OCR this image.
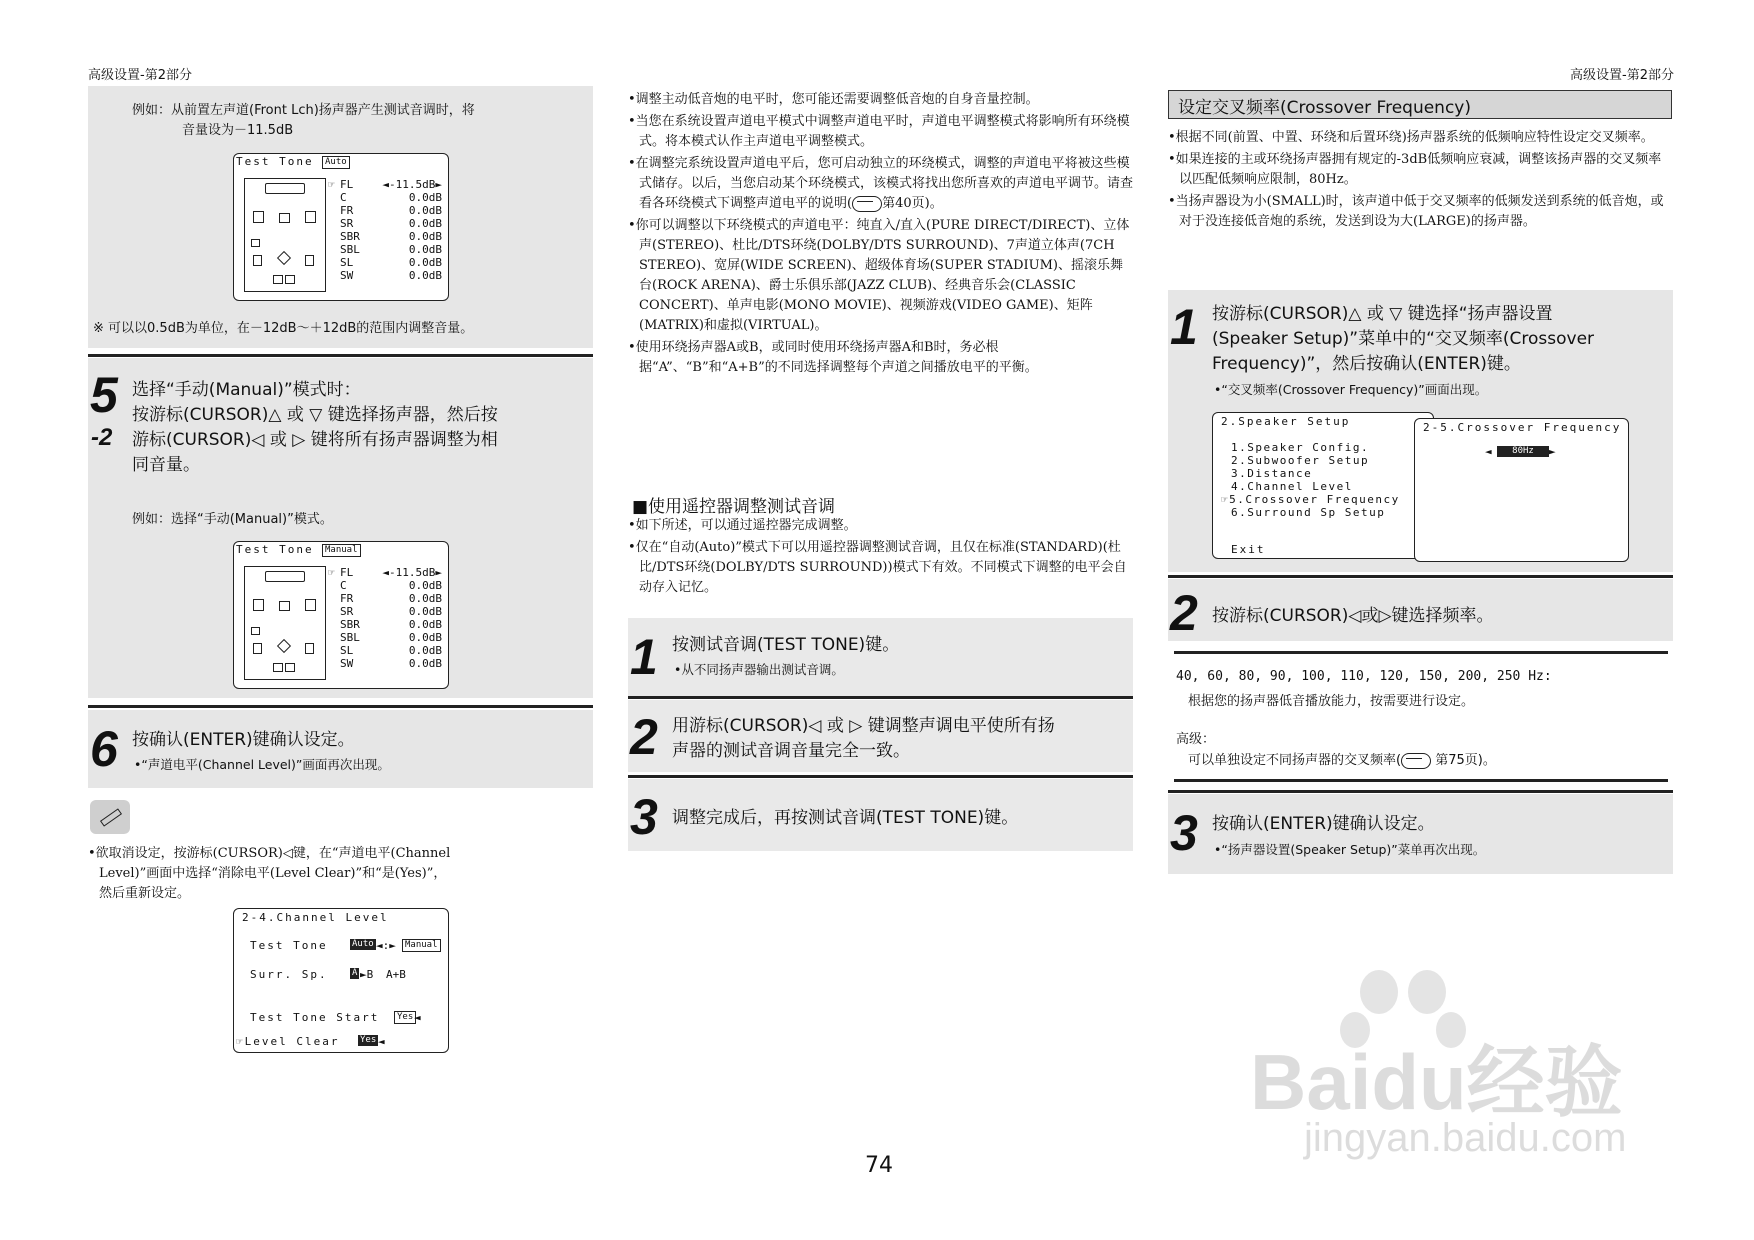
高级设置-第2部分	高级设置-第2部分
例如：从前置左声道(Front Lch)扬声器产生测试音调时，将
音量设为－11.5dB
Test Tone	Auto
☞ FL	◄-11.5dB►
C	0.0dB
FR	0.0dB
SR	0.0dB
SBR	0.0dB
SBL	0.0dB
SL	0.0dB
SW	0.0dB
※ 可以以0.5dB为单位，在－12dB～＋12dB的范围内调整音量。
5
-2
选择“手动(Manual)”模式时：
按游标(CURSOR)△ 或 ▽ 键选择扬声器，然后按
游标(CURSOR)◁ 或 ▷ 键将所有扬声器调整为相
同音量。
例如：选择“手动(Manual)”模式。
Test Tone	Manual
☞ FL	◄-11.5dB►
C	0.0dB
FR	0.0dB
SR	0.0dB
SBR	0.0dB
SBL	0.0dB
SL	0.0dB
SW	0.0dB
6 按确认(ENTER)键确认设定。
•“声道电平(Channel Level)”画面再次出现。
•欲取消设定，按游标(CURSOR)◁键，在“声道电平(Channel
Level)”画面中选择“消除电平(Level Clear)”和“是(Yes)”，
然后重新设定。
2-4.Channel Level
Test Tone	Auto ◄:►	Manual
Surr. Sp.	A ►B A+B
Test Tone Start	Yes ◄
☞Level Clear Yes ◄

•调整主动低音炮的电平时，您可能还需要调整低音炮的自身音量控制。

•当您在系统设置声道电平模式中调整声道电平时，声道电平调整模式将影响所有环绕模式。将本模式认作主声道电平调整模式。

•在调整完系统设置声道电平后，您可启动独立的环绕模式，调整的声道电平将被这些模式储存。以后，当您启动某个环绕模式，该模式将找出您所喜欢的声道电平调节。请查看各环绕模式下调整声道电平的说明( 第40页)。

•你可以调整以下环绕模式的声道电平：纯直入/直入(PURE DIRECT/DIRECT)、立体声(STEREO)、杜比/DTS环绕(DOLBY/DTS SURROUND)、7声道立体声(7CH STEREO)、宽屏(WIDE SCREEN)、超级体育场(SUPER STADIUM)、摇滚乐舞台(ROCK ARENA)、爵士乐俱乐部(JAZZ CLUB)、经典音乐会(CLASSIC CONCERT)、单声电影(MONO MOVIE)、视频游戏(VIDEO GAME)、矩阵(MATRIX)和虚拟(VIRTUAL)。

•使用环绕扬声器A或B，或同时使用环绕扬声器A和B时，务必根据“A”、“B”和“A+B”的不同选择调整每个声道之间播放电平的平衡。

■使用遥控器调整测试音调

•如下所述，可以通过遥控器完成调整。

•仅在“自动(Auto)”模式下可以用遥控器调整测试音调，且仅在标准(STANDARD)(杜比/DTS环绕(DOLBY/DTS SURROUND))模式下有效。不同模式下调整的电平会自动存入记忆。

1 按测试音调(TEST TONE)键。
•从不同扬声器输出测试音调。
2 用游标(CURSOR)◁ 或 ▷ 键调整声调电平使所有扬
声器的测试音调音量完全一致。
3 调整完成后，再按测试音调(TEST TONE)键。
设定交叉频率(Crossover Frequency)

•根据不同(前置、中置、环绕和后置环绕)扬声器系统的低频响应特性设定交叉频率。

•如果连接的主或环绕扬声器拥有规定的-3dB低频响应衰减，调整该扬声器的交叉频率以匹配低频响应限制，80Hz。

•当扬声器设为小(SMALL)时，该声道中低于交叉频率的低频发送到系统的低音炮，或对于没连接低音炮的系统，发送到设为大(LARGE)的扬声器。

1 按游标(CURSOR)△ 或 ▽ 键选择“扬声器设置
(Speaker Setup)”菜单中的“交叉频率(Crossover
Frequency)”，然后按确认(ENTER)键。
•“交叉频率(Crossover Frequency)”画面出现。
2.Speaker Setup
1.Speaker Config.
2.Subwoofer Setup
3.Distance
4.Channel Level
☞5.Crossover Frequency
6.Surround Sp Setup
Exit
2-5.Crossover Frequency
◄	80Hz	►
2 按游标(CURSOR)◁或▷键选择频率。
40, 60, 80, 90, 100, 110, 120, 150, 200, 250 Hz:
根据您的扬声器低音播放能力，按需要进行设定。
高级：
可以单独设定不同扬声器的交叉频率(	第75页)。
3 按确认(ENTER)键确认设定。
•“扬声器设置(Speaker Setup)”菜单再次出现。
74
Baidu经验
jingyan.baidu.com
